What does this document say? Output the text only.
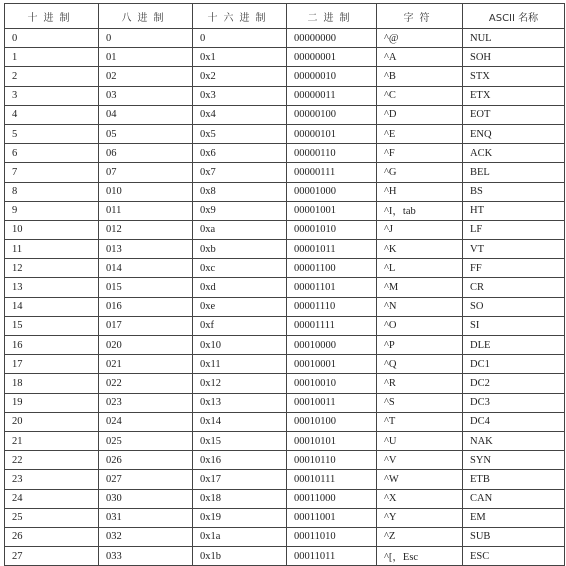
十进制	八进制	十六进制	二进制	字符	ASCII 名称
0	0	0	00000000	^@	NUL
1	01	0x1	00000001	^A	SOH
2	02	0x2	00000010	^B	STX
3	03	0x3	00000011	^C	ETX
4	04	0x4	00000100	^D	EOT
5	05	0x5	00000101	^E	ENQ
6	06	0x6	00000110	^F	ACK
7	07	0x7	00000111	^G	BEL
8	010	0x8	00001000	^H	BS
9	011	0x9	00001001	^I，tab	HT
10	012	0xa	00001010	^J	LF
11	013	0xb	00001011	^K	VT
12	014	0xc	00001100	^L	FF
13	015	0xd	00001101	^M	CR
14	016	0xe	00001110	^N	SO
15	017	0xf	00001111	^O	SI
16	020	0x10	00010000	^P	DLE
17	021	0x11	00010001	^Q	DC1
18	022	0x12	00010010	^R	DC2
19	023	0x13	00010011	^S	DC3
20	024	0x14	00010100	^T	DC4
21	025	0x15	00010101	^U	NAK
22	026	0x16	00010110	^V	SYN
23	027	0x17	00010111	^W	ETB
24	030	0x18	00011000	^X	CAN
25	031	0x19	00011001	^Y	EM
26	032	0x1a	00011010	^Z	SUB
27	033	0x1b	00011011	^[，Esc	ESC
